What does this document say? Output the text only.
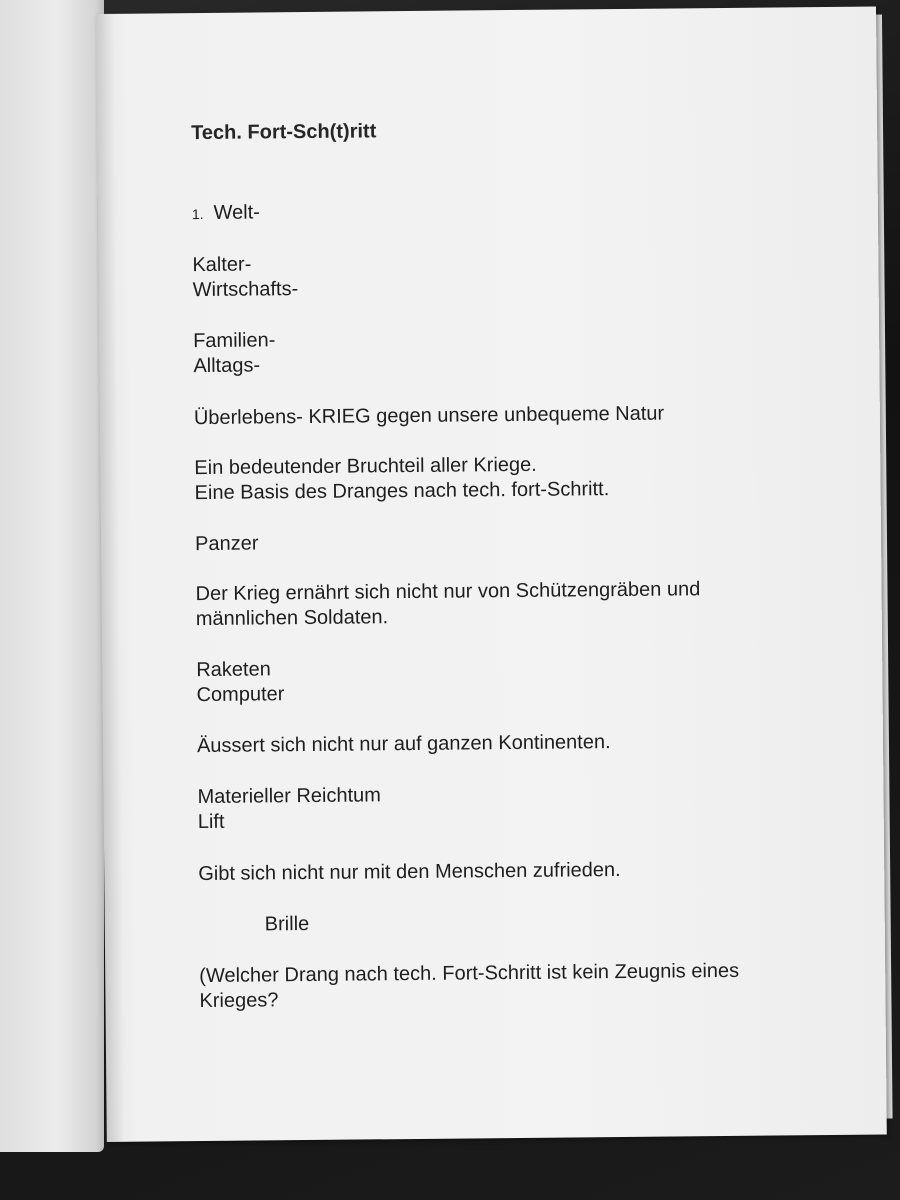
Tech. Fort-Sch(t)ritt
1. Welt-
Kalter-
Wirtschafts-
Familien-
Alltags-
Überlebens- KRIEG gegen unsere unbequeme Natur
Ein bedeutender Bruchteil aller Kriege.
Eine Basis des Dranges nach tech. fort-Schritt.
Panzer
Der Krieg ernährt sich nicht nur von Schützengräben und männlichen Soldaten.
Raketen
Computer
Äussert sich nicht nur auf ganzen Kontinenten.
Materieller Reichtum
Lift
Gibt sich nicht nur mit den Menschen zufrieden.
Brille
(Welcher Drang nach tech. Fort-Schritt ist kein Zeugnis eines Krieges?
